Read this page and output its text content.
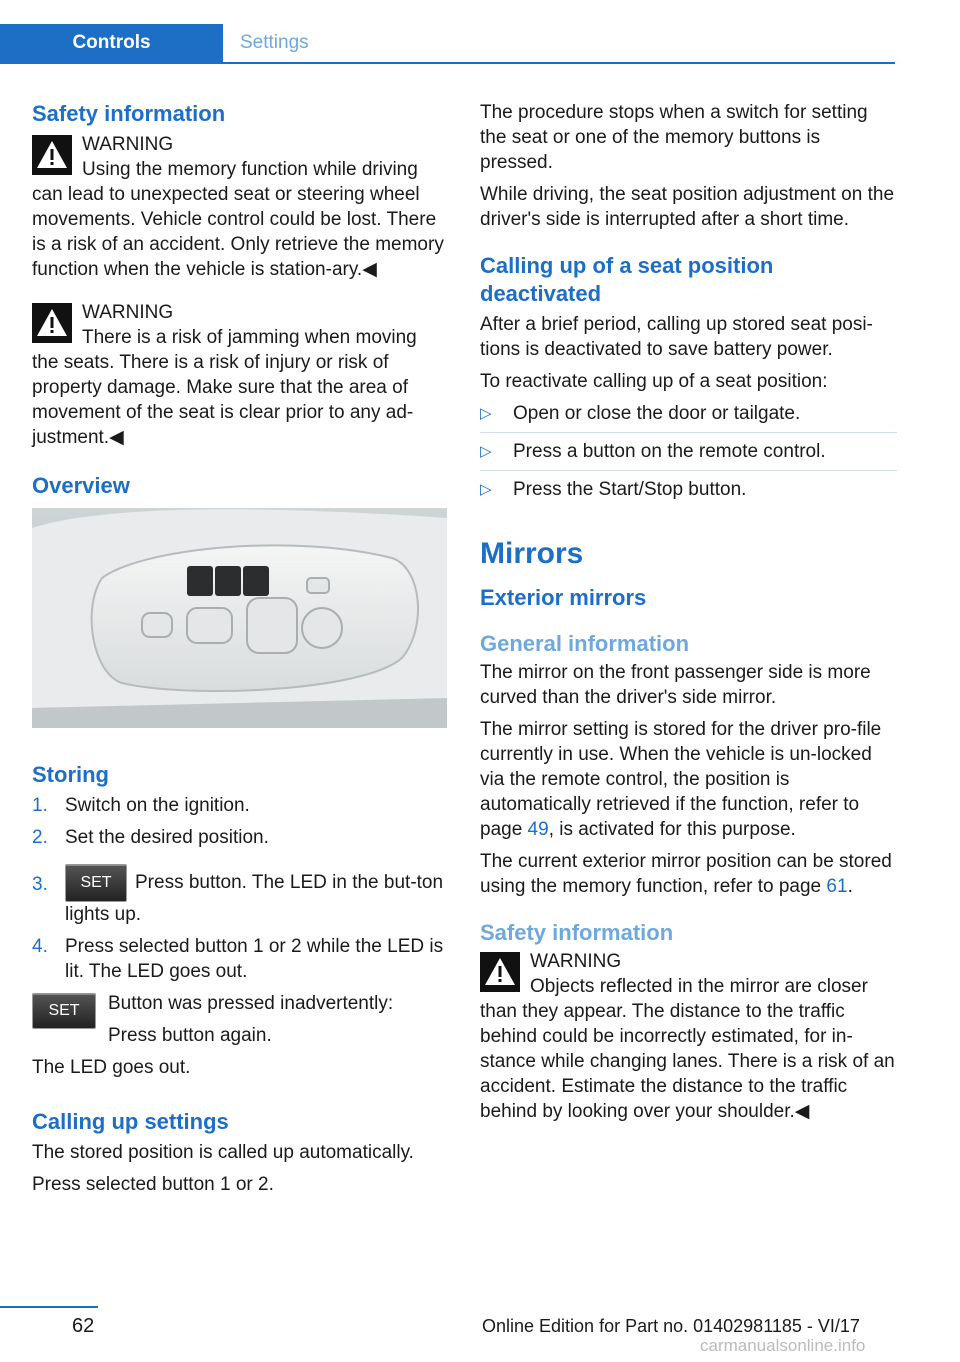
Controls	Settings
Safety information
WARNING
Using the memory function while driving can lead to unexpected seat or steering wheel movements. Vehicle control could be lost. There is a risk of an accident. Only retrieve the memory function when the vehicle is station‐ary.◀
WARNING
There is a risk of jamming when moving the seats. There is a risk of injury or risk of property damage. Make sure that the area of movement of the seat is clear prior to any ad‐justment.◀
Overview
Storing
1. Switch on the ignition.
2. Set the desired position.
3. SET Press button. The LED in the but‐ton lights up.
4. Press selected button 1 or 2 while the LED is lit. The LED goes out.
SET	Button was pressed inadvertently:

Press button again.

The LED goes out.

Calling up settings

The stored position is called up automatically.

Press selected button 1 or 2.

The procedure stops when a switch for setting the seat or one of the memory buttons is pressed.

While driving, the seat position adjustment on the driver's side is interrupted after a short time.

Calling up of a seat position deactivated

After a brief period, calling up stored seat posi‐tions is deactivated to save battery power.

To reactivate calling up of a seat position:

▷ Open or close the door or tailgate.
▷ Press a button on the remote control.
▷ Press the Start/Stop button.
Mirrors
Exterior mirrors
General information

The mirror on the front passenger side is more curved than the driver's side mirror.

The mirror setting is stored for the driver pro‐file currently in use. When the vehicle is un‐locked via the remote control, the position is automatically retrieved if the function, refer to page 49, is activated for this purpose.

The current exterior mirror position can be stored using the memory function, refer to page 61.

Safety information
WARNING
Objects reflected in the mirror are closer than they appear. The distance to the traffic behind could be incorrectly estimated, for in‐stance while changing lanes. There is a risk of an accident. Estimate the distance to the traffic behind by looking over your shoulder.◀
62	Online Edition for Part no. 01402981185 - VI/17
carmanualsonline.info
